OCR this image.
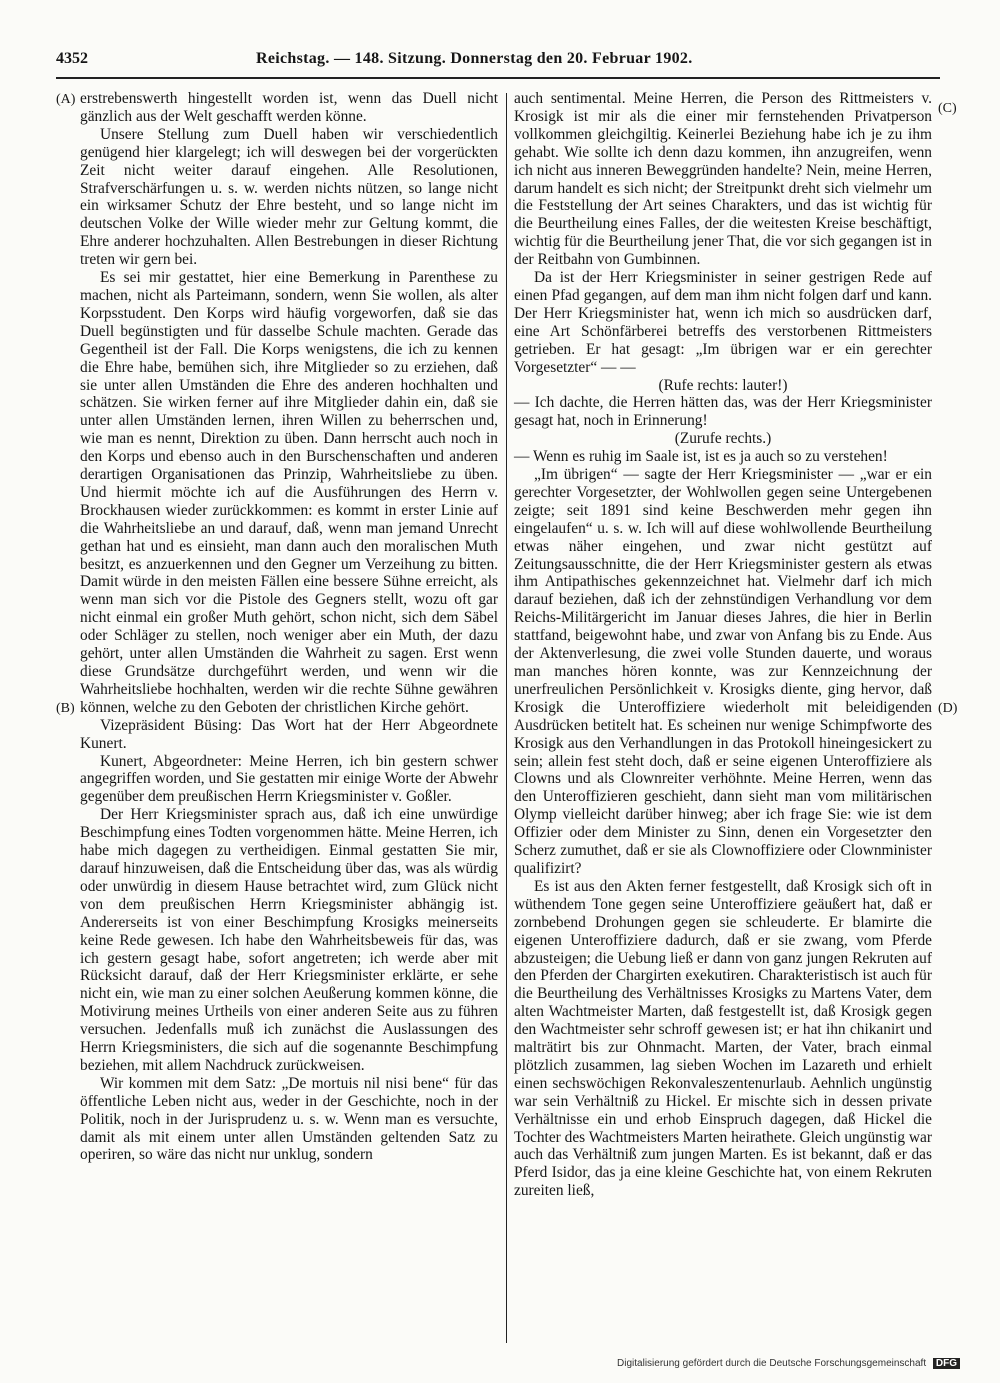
4352	Reichstag. — 148. Sitzung. Donnerstag den 20. Februar 1902.
(A)
(B)
(C)
(D)

erstrebenswerth hingestellt worden ist, wenn das Duell nicht gänzlich aus der Welt geschafft werden könne.

Unsere Stellung zum Duell haben wir verschiedentlich genügend hier klargelegt; ich will deswegen bei der vorgerückten Zeit nicht weiter darauf eingehen. Alle Resolutionen, Strafverschärfungen u. s. w. werden nichts nützen, so lange nicht ein wirksamer Schutz der Ehre besteht, und so lange nicht im deutschen Volke der Wille wieder mehr zur Geltung kommt, die Ehre anderer hochzuhalten. Allen Bestrebungen in dieser Richtung treten wir gern bei.

Es sei mir gestattet, hier eine Bemerkung in Parenthese zu machen, nicht als Parteimann, sondern, wenn Sie wollen, als alter Korpsstudent. Den Korps wird häufig vorgeworfen, daß sie das Duell begünstigten und für dasselbe Schule machten. Gerade das Gegentheil ist der Fall. Die Korps wenigstens, die ich zu kennen die Ehre habe, bemühen sich, ihre Mitglieder so zu erziehen, daß sie unter allen Umständen die Ehre des anderen hochhalten und schätzen. Sie wirken ferner auf ihre Mitglieder dahin ein, daß sie unter allen Umständen lernen, ihren Willen zu beherrschen und, wie man es nennt, Direktion zu üben. Dann herrscht auch noch in den Korps und ebenso auch in den Burschenschaften und anderen derartigen Organisationen das Prinzip, Wahrheitsliebe zu üben. Und hiermit möchte ich auf die Ausführungen des Herrn v. Brockhausen wieder zurückkommen: es kommt in erster Linie auf die Wahrheitsliebe an und darauf, daß, wenn man jemand Unrecht gethan hat und es einsieht, man dann auch den moralischen Muth besitzt, es anzuerkennen und den Gegner um Verzeihung zu bitten. Damit würde in den meisten Fällen eine bessere Sühne erreicht, als wenn man sich vor die Pistole des Gegners stellt, wozu oft gar nicht einmal ein großer Muth gehört, schon nicht, sich dem Säbel oder Schläger zu stellen, noch weniger aber ein Muth, der dazu gehört, unter allen Umständen die Wahrheit zu sagen. Erst wenn diese Grundsätze durchgeführt werden, und wenn wir die Wahrheitsliebe hochhalten, werden wir die rechte Sühne gewähren können, welche zu den Geboten der christlichen Kirche gehört.

Vizepräsident Büsing: Das Wort hat der Herr Abgeordnete Kunert.

Kunert, Abgeordneter: Meine Herren, ich bin gestern schwer angegriffen worden, und Sie gestatten mir einige Worte der Abwehr gegenüber dem preußischen Herrn Kriegsminister v. Goßler.

Der Herr Kriegsminister sprach aus, daß ich eine unwürdige Beschimpfung eines Todten vorgenommen hätte. Meine Herren, ich habe mich dagegen zu vertheidigen. Einmal gestatten Sie mir, darauf hinzuweisen, daß die Entscheidung über das, was als würdig oder unwürdig in diesem Hause betrachtet wird, zum Glück nicht von dem preußischen Herrn Kriegsminister abhängig ist. Andererseits ist von einer Beschimpfung Krosigks meinerseits keine Rede gewesen. Ich habe den Wahrheitsbeweis für das, was ich gestern gesagt habe, sofort angetreten; ich werde aber mit Rücksicht darauf, daß der Herr Kriegsminister erklärte, er sehe nicht ein, wie man zu einer solchen Aeußerung kommen könne, die Motivirung meines Urtheils von einer anderen Seite aus zu führen versuchen. Jedenfalls muß ich zunächst die Auslassungen des Herrn Kriegsministers, die sich auf die sogenannte Beschimpfung beziehen, mit allem Nachdruck zurückweisen.

Wir kommen mit dem Satz: „De mortuis nil nisi bene“ für das öffentliche Leben nicht aus, weder in der Geschichte, noch in der Politik, noch in der Jurisprudenz u. s. w. Wenn man es versuchte, damit als mit einem unter allen Umständen geltenden Satz zu operiren, so wäre das nicht nur unklug, sondern

auch sentimental. Meine Herren, die Person des Rittmeisters v. Krosigk ist mir als die einer mir fernstehenden Privatperson vollkommen gleichgiltig. Keinerlei Beziehung habe ich je zu ihm gehabt. Wie sollte ich denn dazu kommen, ihn anzugreifen, wenn ich nicht aus inneren Beweggründen handelte? Nein, meine Herren, darum handelt es sich nicht; der Streitpunkt dreht sich vielmehr um die Feststellung der Art seines Charakters, und das ist wichtig für die Beurtheilung eines Falles, der die weitesten Kreise beschäftigt, wichtig für die Beurtheilung jener That, die vor sich gegangen ist in der Reitbahn von Gumbinnen.

Da ist der Herr Kriegsminister in seiner gestrigen Rede auf einen Pfad gegangen, auf dem man ihm nicht folgen darf und kann. Der Herr Kriegsminister hat, wenn ich mich so ausdrücken darf, eine Art Schönfärberei betreffs des verstorbenen Rittmeisters getrieben. Er hat gesagt: „Im übrigen war er ein gerechter Vorgesetzter“ — —

(Rufe rechts: lauter!)

— Ich dachte, die Herren hätten das, was der Herr Kriegsminister gesagt hat, noch in Erinnerung!

(Zurufe rechts.)

— Wenn es ruhig im Saale ist, ist es ja auch so zu verstehen!

„Im übrigen“ — sagte der Herr Kriegsminister — „war er ein gerechter Vorgesetzter, der Wohlwollen gegen seine Untergebenen zeigte; seit 1891 sind keine Beschwerden mehr gegen ihn eingelaufen“ u. s. w. Ich will auf diese wohlwollende Beurtheilung etwas näher eingehen, und zwar nicht gestützt auf Zeitungsausschnitte, die der Herr Kriegsminister gestern als etwas ihm Antipathisches gekennzeichnet hat. Vielmehr darf ich mich darauf beziehen, daß ich der zehnstündigen Verhandlung vor dem Reichs-Militärgericht im Januar dieses Jahres, die hier in Berlin stattfand, beigewohnt habe, und zwar von Anfang bis zu Ende. Aus der Aktenverlesung, die zwei volle Stunden dauerte, und woraus man manches hören konnte, was zur Kennzeichnung der unerfreulichen Persönlichkeit v. Krosigks diente, ging hervor, daß Krosigk die Unteroffiziere wiederholt mit beleidigenden Ausdrücken betitelt hat. Es scheinen nur wenige Schimpfworte des Krosigk aus den Verhandlungen in das Protokoll hineingesickert zu sein; allein fest steht doch, daß er seine eigenen Unteroffiziere als Clowns und als Clownreiter verhöhnte. Meine Herren, wenn das den Unteroffizieren geschieht, dann sieht man vom militärischen Olymp vielleicht darüber hinweg; aber ich frage Sie: wie ist dem Offizier oder dem Minister zu Sinn, denen ein Vorgesetzter den Scherz zumuthet, daß er sie als Clownoffiziere oder Clownminister qualifizirt?

Es ist aus den Akten ferner festgestellt, daß Krosigk sich oft in wüthendem Tone gegen seine Unteroffiziere geäußert hat, daß er zornbebend Drohungen gegen sie schleuderte. Er blamirte die eigenen Unteroffiziere dadurch, daß er sie zwang, vom Pferde abzusteigen; die Uebung ließ er dann von ganz jungen Rekruten auf den Pferden der Chargirten exekutiren. Charakteristisch ist auch für die Beurtheilung des Verhältnisses Krosigks zu Martens Vater, dem alten Wachtmeister Marten, daß festgestellt ist, daß Krosigk gegen den Wachtmeister sehr schroff gewesen ist; er hat ihn chikanirt und malträtirt bis zur Ohnmacht. Marten, der Vater, brach einmal plötzlich zusammen, lag sieben Wochen im Lazareth und erhielt einen sechswöchigen Rekonvaleszentenurlaub. Aehnlich ungünstig war sein Verhältniß zu Hickel. Er mischte sich in dessen private Verhältnisse ein und erhob Einspruch dagegen, daß Hickel die Tochter des Wachtmeisters Marten heirathete. Gleich ungünstig war auch das Verhältniß zum jungen Marten. Es ist bekannt, daß er das Pferd Isidor, das ja eine kleine Geschichte hat, von einem Rekruten zureiten ließ,

Digitalisierung gefördert durch die Deutsche Forschungsgemeinschaft DFG
